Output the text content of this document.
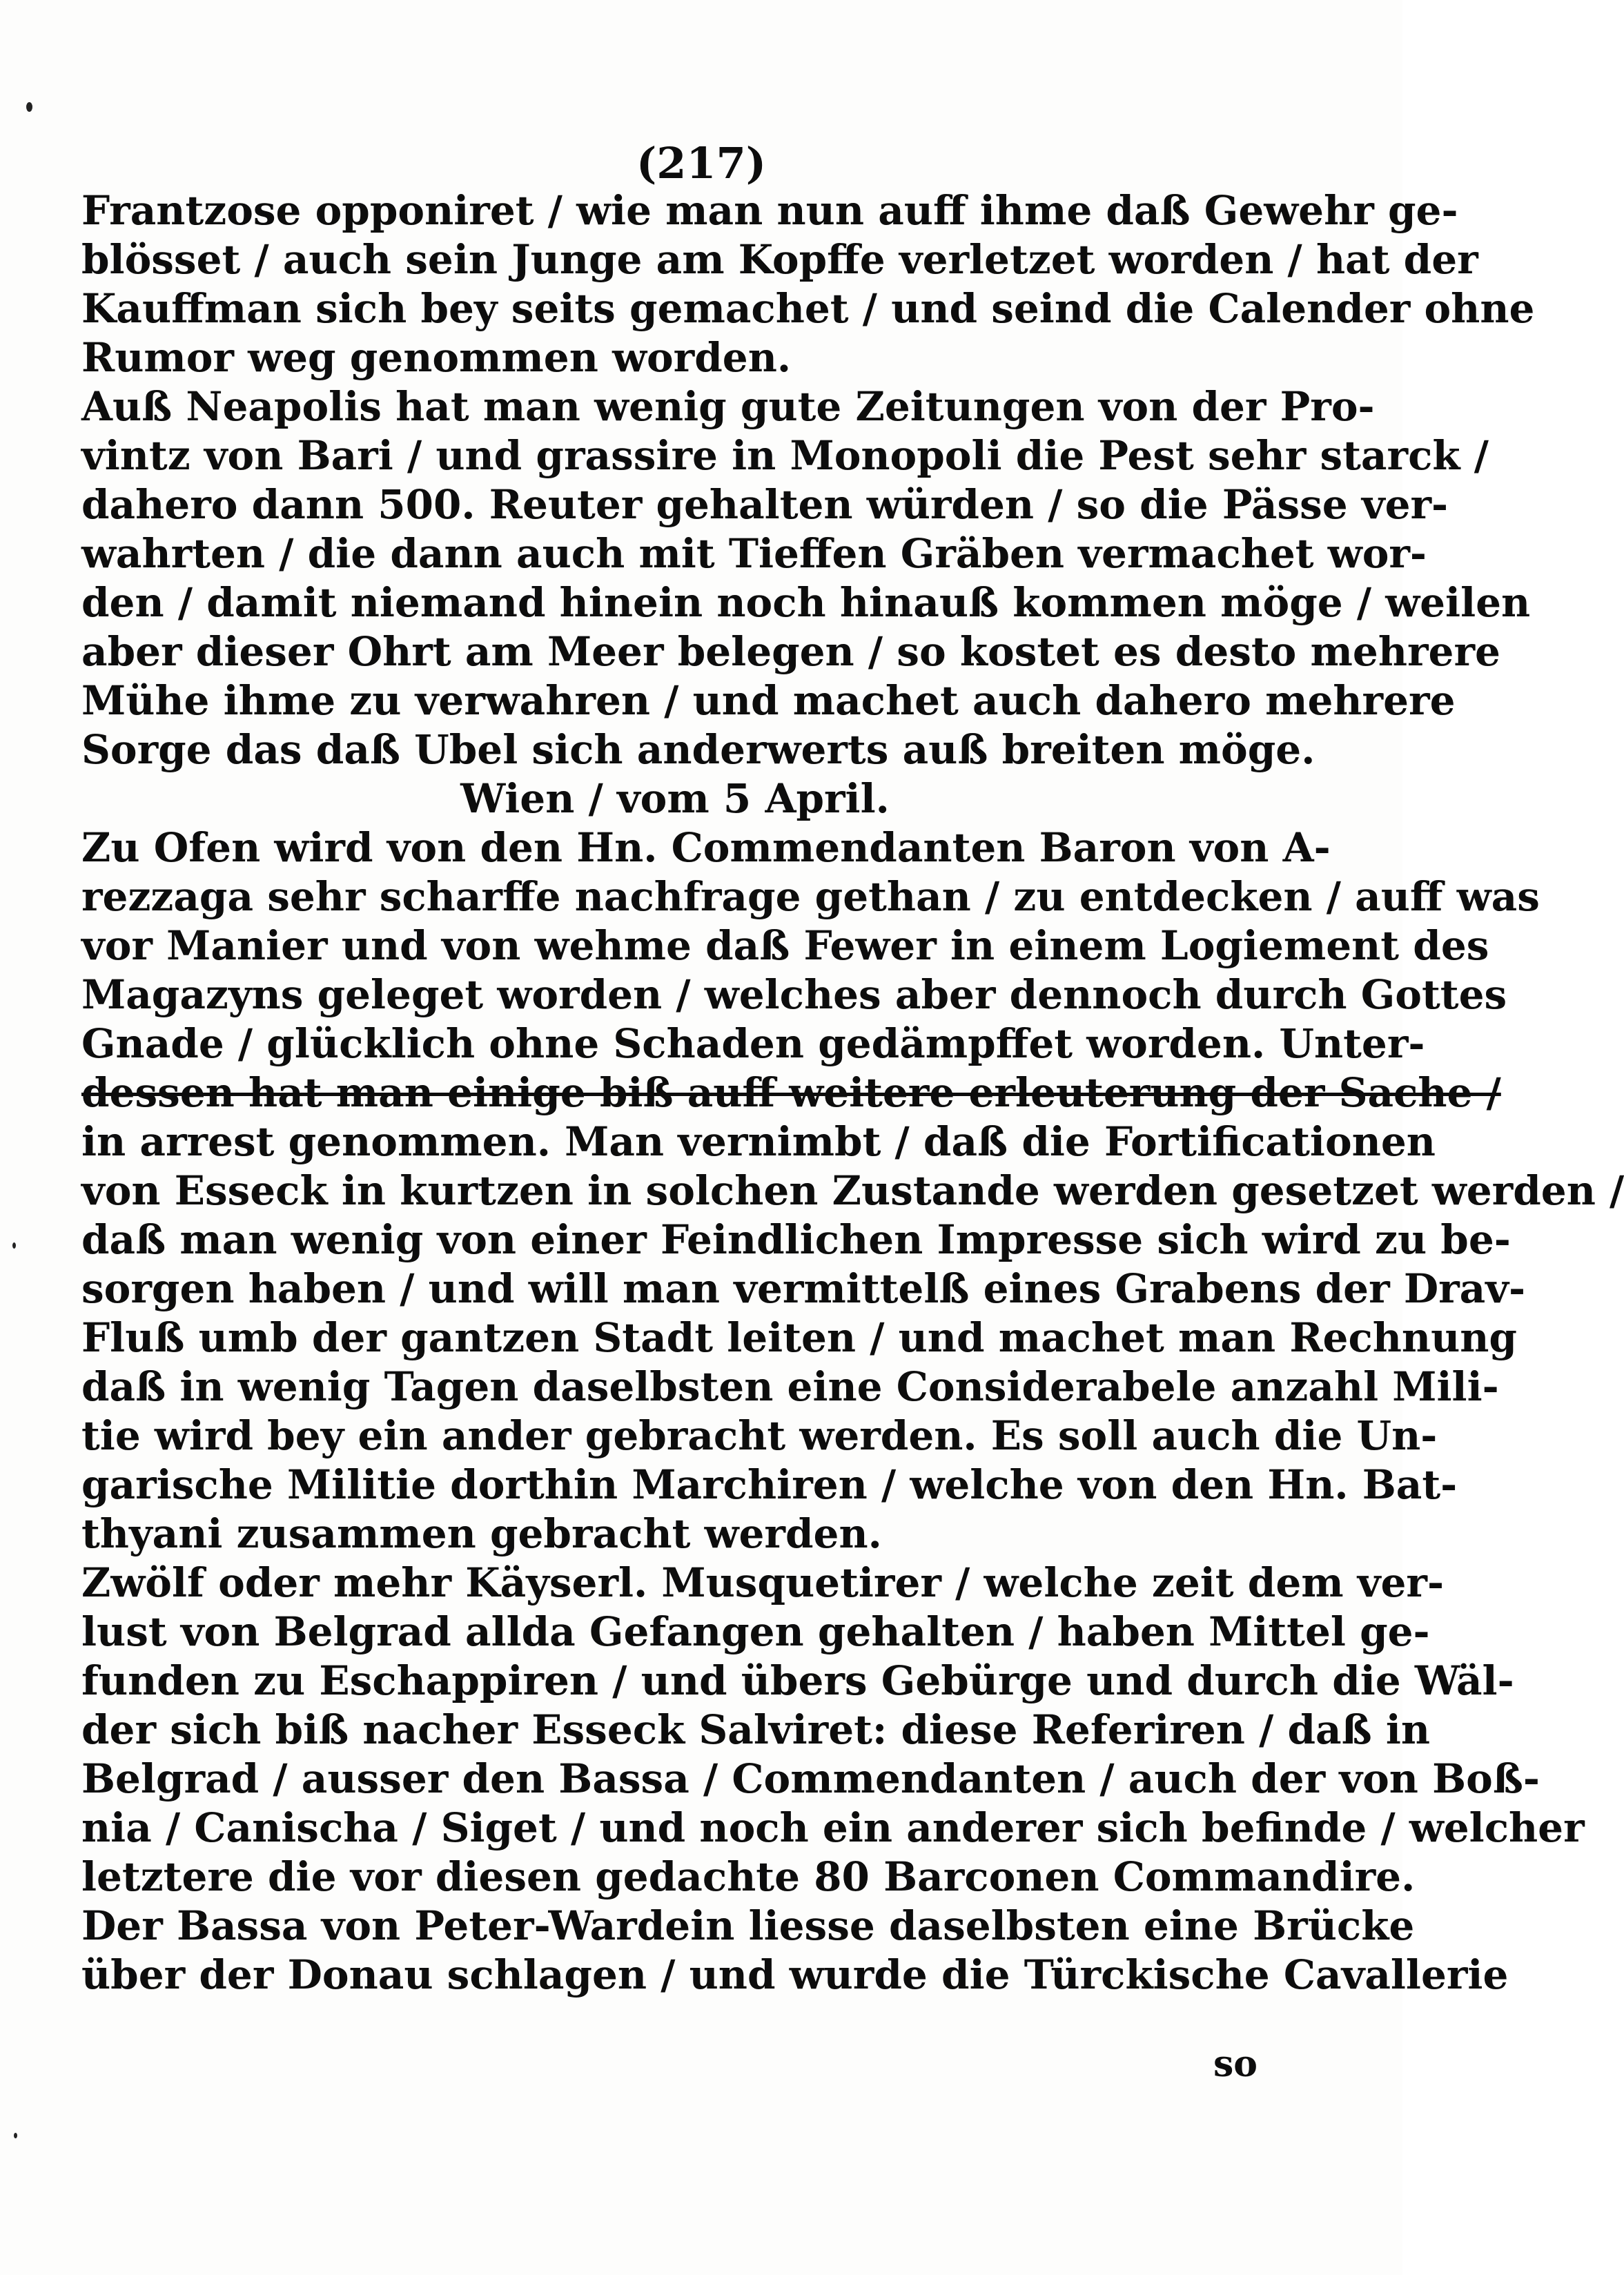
(217)
Frantzose opponiret / wie man nun auff ihme daß Gewehr ge-
blösset / auch sein Junge am Kopffe verletzet worden / hat der
Kauffman sich bey seits gemachet / und seind die Calender ohne
Rumor weg genommen worden.
Auß Neapolis hat man wenig gute Zeitungen von der Pro-
vintz von Bari / und grassire in Monopoli die Pest sehr starck /
dahero dann 500. Reuter gehalten würden / so die Pässe ver-
wahrten / die dann auch mit Tieffen Gräben vermachet wor-
den / damit niemand hinein noch hinauß kommen möge / weilen
aber dieser Ohrt am Meer belegen / so kostet es desto mehrere
Mühe ihme zu verwahren / und machet auch dahero mehrere
Sorge das daß Ubel sich anderwerts auß breiten möge.
Wien / vom 5 April.
Zu Ofen wird von den Hn. Commendanten Baron von A-
rezzaga sehr scharffe nachfrage gethan / zu entdecken / auff was
vor Manier und von wehme daß Fewer in einem Logiement des
Magazyns geleget worden / welches aber dennoch durch Gottes
Gnade / glücklich ohne Schaden gedämpffet worden. Unter-
dessen hat man einige biß auff weitere erleuterung der Sache /
in arrest genommen. Man vernimbt / daß die Fortificationen
von Esseck in kurtzen in solchen Zustande werden gesetzet werden /
daß man wenig von einer Feindlichen Impresse sich wird zu be-
sorgen haben / und will man vermittelß eines Grabens der Drav-
Fluß umb der gantzen Stadt leiten / und machet man Rechnung
daß in wenig Tagen daselbsten eine Considerabele anzahl Mili-
tie wird bey ein ander gebracht werden. Es soll auch die Un-
garische Militie dorthin Marchiren / welche von den Hn. Bat-
thyani zusammen gebracht werden.
Zwölf oder mehr Käyserl. Musquetirer / welche zeit dem ver-
lust von Belgrad allda Gefangen gehalten / haben Mittel ge-
funden zu Eschappiren / und übers Gebürge und durch die Wäl-
der sich biß nacher Esseck Salviret: diese Referiren / daß in
Belgrad / ausser den Bassa / Commendanten / auch der von Boß-
nia / Canischa / Siget / und noch ein anderer sich befinde / welcher
letztere die vor diesen gedachte 80 Barconen Commandire.
Der Bassa von Peter-Wardein liesse daselbsten eine Brücke
über der Donau schlagen / und wurde die Türckische Cavallerie
so
